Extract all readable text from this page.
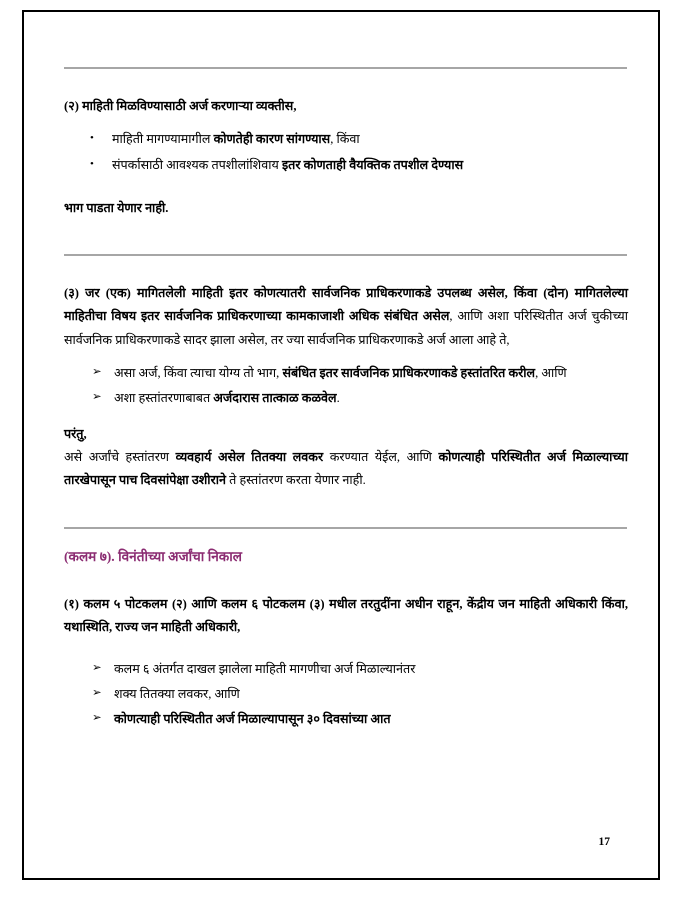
(२) माहिती मिळविण्यासाठी अर्ज करणाऱ्या व्यक्तीस,

•	माहिती मागण्यामागील कोणतेही कारण सांगण्यास, किंवा
•	संपर्कासाठी आवश्यक तपशीलांशिवाय इतर कोणताही वैयक्तिक तपशील देण्यास

भाग पाडता येणार नाही.

(३) जर (एक) मागितलेली माहिती इतर कोणत्यातरी सार्वजनिक प्राधिकरणाकडे उपलब्ध असेल, किंवा (दोन) मागितलेल्या माहितीचा विषय इतर सार्वजनिक प्राधिकरणाच्या कामकाजाशी अधिक संबंधित असेल, आणि अशा परिस्थितीत अर्ज चुकीच्या सार्वजनिक प्राधिकरणाकडे सादर झाला असेल, तर ज्या सार्वजनिक प्राधिकरणाकडे अर्ज आला आहे ते,

➢ असा अर्ज, किंवा त्याचा योग्य तो भाग, संबंधित इतर सार्वजनिक प्राधिकरणाकडे हस्तांतरित करील, आणि
➢ अशा हस्तांतरणाबाबत अर्जदारास तात्काळ कळवेल.

परंतु,

असे अर्जांचे हस्तांतरण व्यवहार्य असेल तितक्या लवकर करण्यात येईल, आणि कोणत्याही परिस्थितीत अर्ज मिळाल्याच्या तारखेपासून पाच दिवसांपेक्षा उशीराने ते हस्तांतरण करता येणार नाही.

(कलम ७). विनंतीच्या अर्जांचा निकाल

(१) कलम ५ पोटकलम (२) आणि कलम ६ पोटकलम (३) मधील तरतुदींना अधीन राहून, केंद्रीय जन माहिती अधिकारी किंवा, यथास्थिति, राज्य जन माहिती अधिकारी,

➢ कलम ६ अंतर्गत दाखल झालेला माहिती मागणीचा अर्ज मिळाल्यानंतर
➢ शक्य तितक्या लवकर, आणि
➢ कोणत्याही परिस्थितीत अर्ज मिळाल्यापासून ३० दिवसांच्या आत
17
